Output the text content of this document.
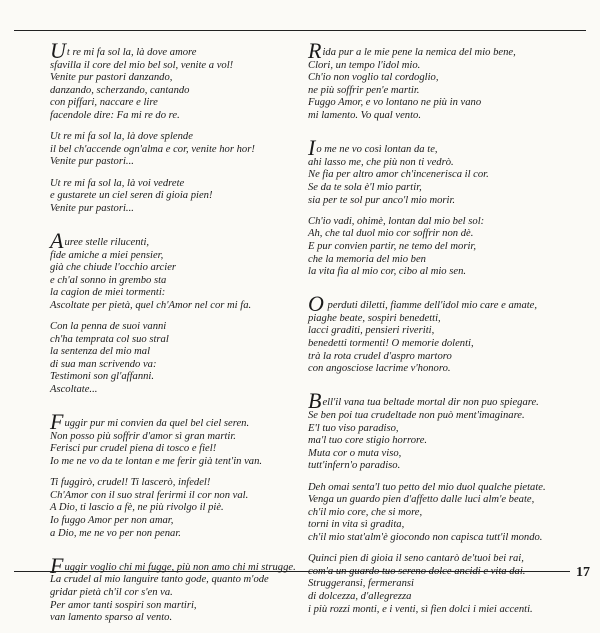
Ut re mi fa sol la, là dove amore
sfavilla il core del mio bel sol, venite a vol!
Venite pur pastori danzando,
danzando, scherzando, cantando
con piffari, naccare e lire
facendole dire: Fa mi re do re.
Ut re mi fa sol la, là dove splende
il bel ch'accende ogn'alma e cor, venite hor hor!
Venite pur pastori...
Ut re mi fa sol la, là voi vedrete
e gustarete un ciel seren di gioia pien!
Venite pur pastori...
Auree stelle rilucenti,
fide amiche a miei pensier,
già che chiude l'occhio arcier
e ch'al sonno in grembo sta
la cagion de miei tormenti:
Ascoltate per pietà, quel ch'Amor nel cor mi fa.
Con la penna de suoi vanni
ch'ha temprata col suo stral
la sentenza del mio mal
di sua man scrivendo va:
Testimoni son gl'affanni.
Ascoltate...
Fuggir pur mi convien da quel bel ciel seren.
Non posso più soffrir d'amor sì gran martir.
Ferisci pur crudel piena di tosco e fiel!
Io me ne vo da te lontan e me ferir già tent'in van.
Ti fuggirò, crudel! Ti lascerò, infedel!
Ch'Amor con il suo stral ferirmi il cor non val.
A Dio, ti lascio a fè, ne più rivolgo il piè.
Io fuggo Amor per non amar,
a Dio, me ne vo per non penar.
Fuggir voglio chi mi fugge, più non amo chi mi strugge.
La crudel al mio languire tanto gode, quanto m'ode
gridar pietà ch'il cor s'en va.
Per amor tanti sospiri son martiri,
van lamento sparso al vento.
Rida pur a le mie pene la nemica del mio bene,
Clori, un tempo l'idol mio.
Ch'io non voglio tal cordoglio,
ne più soffrir pen'e martir.
Fuggo Amor, e vo lontano ne più in vano
mi lamento. Vo qual vento.
Io me ne vo così lontan da te,
ahi lasso me, che più non ti vedrò.
Ne fia per altro amor ch'incenerisca il cor.
Se da te sola è'l mio partir,
sia per te sol pur anco'l mio morir.
Ch'io vadi, ohimè, lontan dal mio bel sol:
Ah, che tal duol mio cor soffrir non dè.
E pur convien partir, ne temo del morir,
che la memoria del mio ben
la vita fia al mio cor, cibo al mio sen.
O perduti diletti, fiamme dell'idol mio care e amate,
piaghe beate, sospiri benedetti,
lacci graditi, pensieri riveriti,
benedetti tormenti! O memorie dolenti,
trà la rota crudel d'aspro martoro
con angosciose lacrime v'honoro.
Bell'il vana tua beltade mortal dir non puo spiegare.
Se ben poi tua crudeltade non può ment'imaginare.
E'l tuo viso paradiso,
ma'l tuo core stigio horrore.
Muta cor o muta viso,
tutt'infern'o paradiso.
Deh omai senta'l tuo petto del mio duol qualche pietate.
Venga un guardo pien d'affetto dalle luci alm'e beate,
ch'il mio core, che si more,
torni in vita sì gradita,
ch'il mio stat'alm'è giocondo non capisca tutt'il mondo.
Quinci pien di gioia il seno cantarò de'tuoi bei rai,
com'a un guardo tuo sereno dolce ancidi e vita dai.
Struggeransi, fermeransi
di dolcezza, d'allegrezza
i più rozzi monti, e i venti, sì fien dolci i miei accenti.
17
